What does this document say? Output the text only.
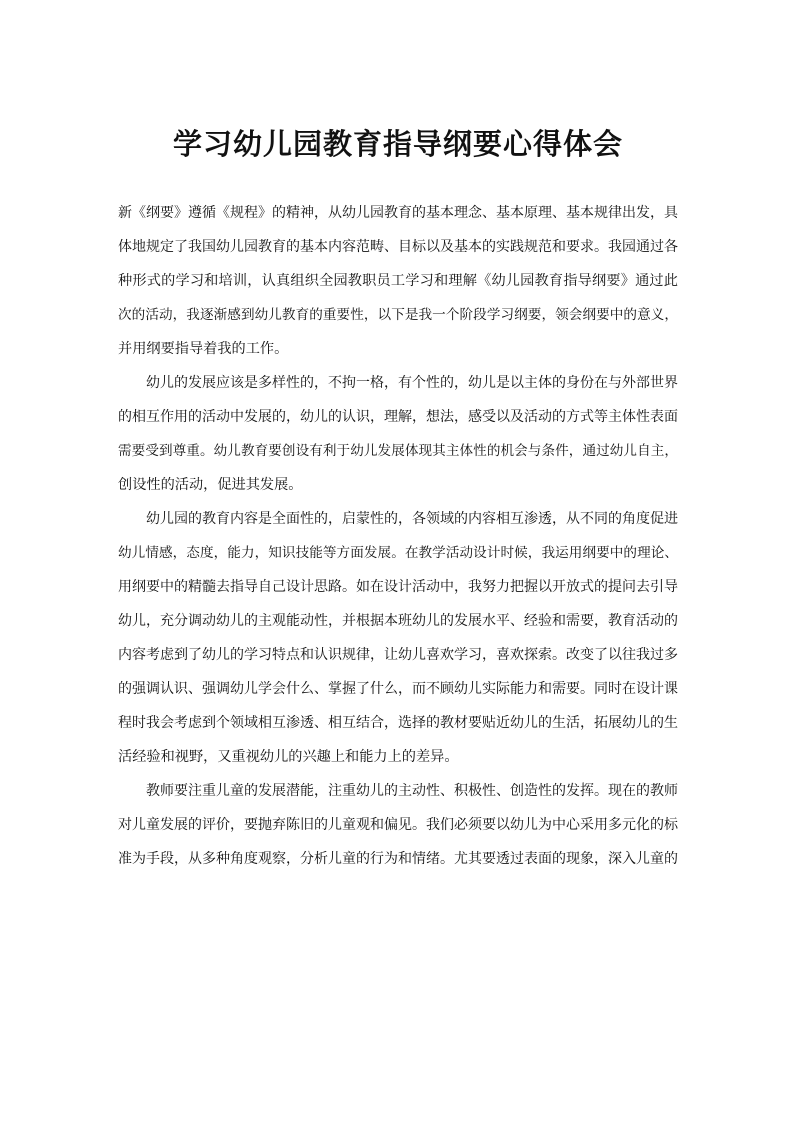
学习幼儿园教育指导纲要心得体会

新《纲要》遵循《规程》的精神，从幼儿园教育的基本理念、基本原理、基本规律出发，具
体地规定了我国幼儿园教育的基本内容范畴、目标以及基本的实践规范和要求。我园通过各
种形式的学习和培训，认真组织全园教职员工学习和理解《幼儿园教育指导纲要》通过此
次的活动，我逐渐感到幼儿教育的重要性，以下是我一个阶段学习纲要，领会纲要中的意义，
并用纲要指导着我的工作。

幼儿的发展应该是多样性的，不拘一格，有个性的，幼儿是以主体的身份在与外部世界
的相互作用的活动中发展的，幼儿的认识，理解，想法，感受以及活动的方式等主体性表面
需要受到尊重。幼儿教育要创设有利于幼儿发展体现其主体性的机会与条件，通过幼儿自主，
创设性的活动，促进其发展。

幼儿园的教育内容是全面性的，启蒙性的，各领域的内容相互渗透，从不同的角度促进
幼儿情感，态度，能力，知识技能等方面发展。在教学活动设计时候，我运用纲要中的理论、
用纲要中的精髓去指导自己设计思路。如在设计活动中，我努力把握以开放式的提问去引导
幼儿，充分调动幼儿的主观能动性，并根据本班幼儿的发展水平、经验和需要，教育活动的
内容考虑到了幼儿的学习特点和认识规律，让幼儿喜欢学习，喜欢探索。改变了以往我过多
的强调认识、强调幼儿学会什么、掌握了什么，而不顾幼儿实际能力和需要。同时在设计课
程时我会考虑到个领域相互渗透、相互结合，选择的教材要贴近幼儿的生活，拓展幼儿的生
活经验和视野，又重视幼儿的兴趣上和能力上的差异。

教师要注重儿童的发展潜能，注重幼儿的主动性、积极性、创造性的发挥。现在的教师
对儿童发展的评价，要抛弃陈旧的儿童观和偏见。我们必须要以幼儿为中心采用多元化的标
准为手段，从多种角度观察，分析儿童的行为和情绪。尤其要透过表面的现象，深入儿童的
